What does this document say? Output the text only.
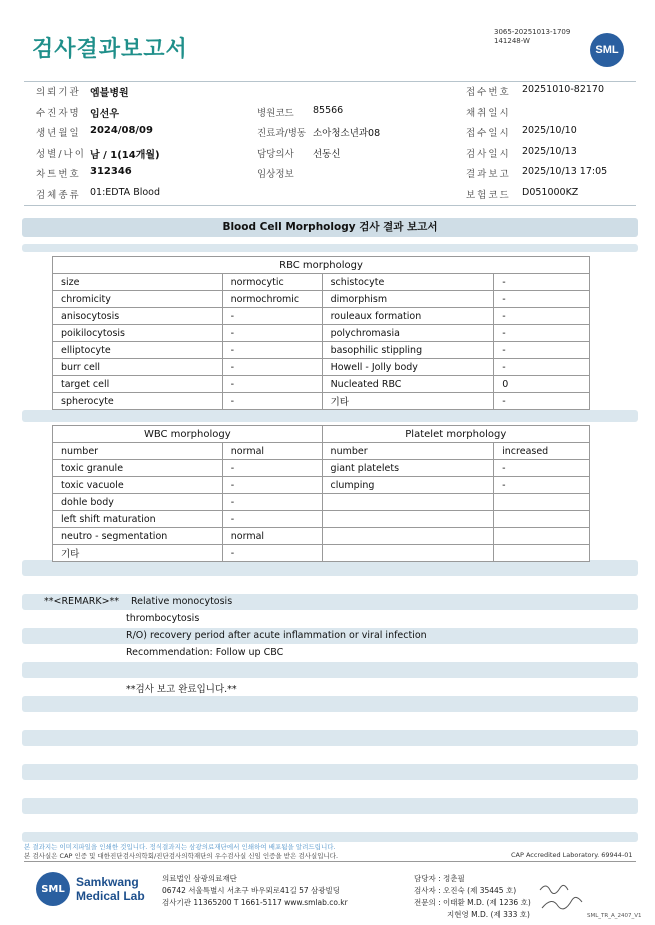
검사결과보고서
3065-20251013-1709
141248-W
SML
의뢰기관 엠블병원	접수번호 20251010-82170
수진자명 임선우	병원코드 85566	채취일시
생년월일 2024/08/09	진료과/병동 소아청소년과08	접수일시 2025/10/10
성별/나이 남 / 1(14개월)	담당의사 선동신	검사일시 2025/10/13
차트번호 312346	임상정보	결과보고 2025/10/13 17:05
검체종류 01:EDTA Blood	보험코드 D051000KZ
Blood Cell Morphology 검사 결과 보고서
RBC morphology			
size	normocytic	schistocyte	-
chromicity	normochromic	dimorphism	-
anisocytosis	-	rouleaux formation	-
poikilocytosis	-	polychromasia	-
elliptocyte	-	basophilic stippling	-
burr cell	-	Howell - Jolly body	-
target cell	-	Nucleated RBC	0
spherocyte	-	기타	-
WBC morphology		Platelet morphology	
number	normal	number	increased
toxic granule	-	giant platelets	-
toxic vacuole	-	clumping	-
dohle body	-		
left shift maturation	-		
neutro - segmentation	normal		
기타	-		
**<REMARK>** Relative monocytosis
thrombocytosis
R/O) recovery period after acute inflammation or viral infection
Recommendation: Follow up CBC
**검사 보고 완료입니다.**
본 결과지는 이미지파일을 인쇄한 것입니다. 정식결과지는 삼광의료재단에서 인쇄하여 배포됨을 알려드립니다.
본 검사실은 CAP 인증 및 대한진단검사의학회/진단검사의학재단의 우수검사실 신임 인증을 받은 검사실입니다.	CAP Accredited Laboratory. 69944-01
SML Samkwang
Medical Lab
의료법인 삼광의료재단
06742 서울특별시 서초구 바우뫼로41길 57 삼광빌딩
검사기관 11365200 T 1661-5117 www.smlab.co.kr
담당자 : 정춘필
검사자 : 오진숙 (제 35445 호)
전문의 : 이태환 M.D. (제 1236 호)
지현영 M.D. (제 333 호)	SML_TR_A_2407_V1
